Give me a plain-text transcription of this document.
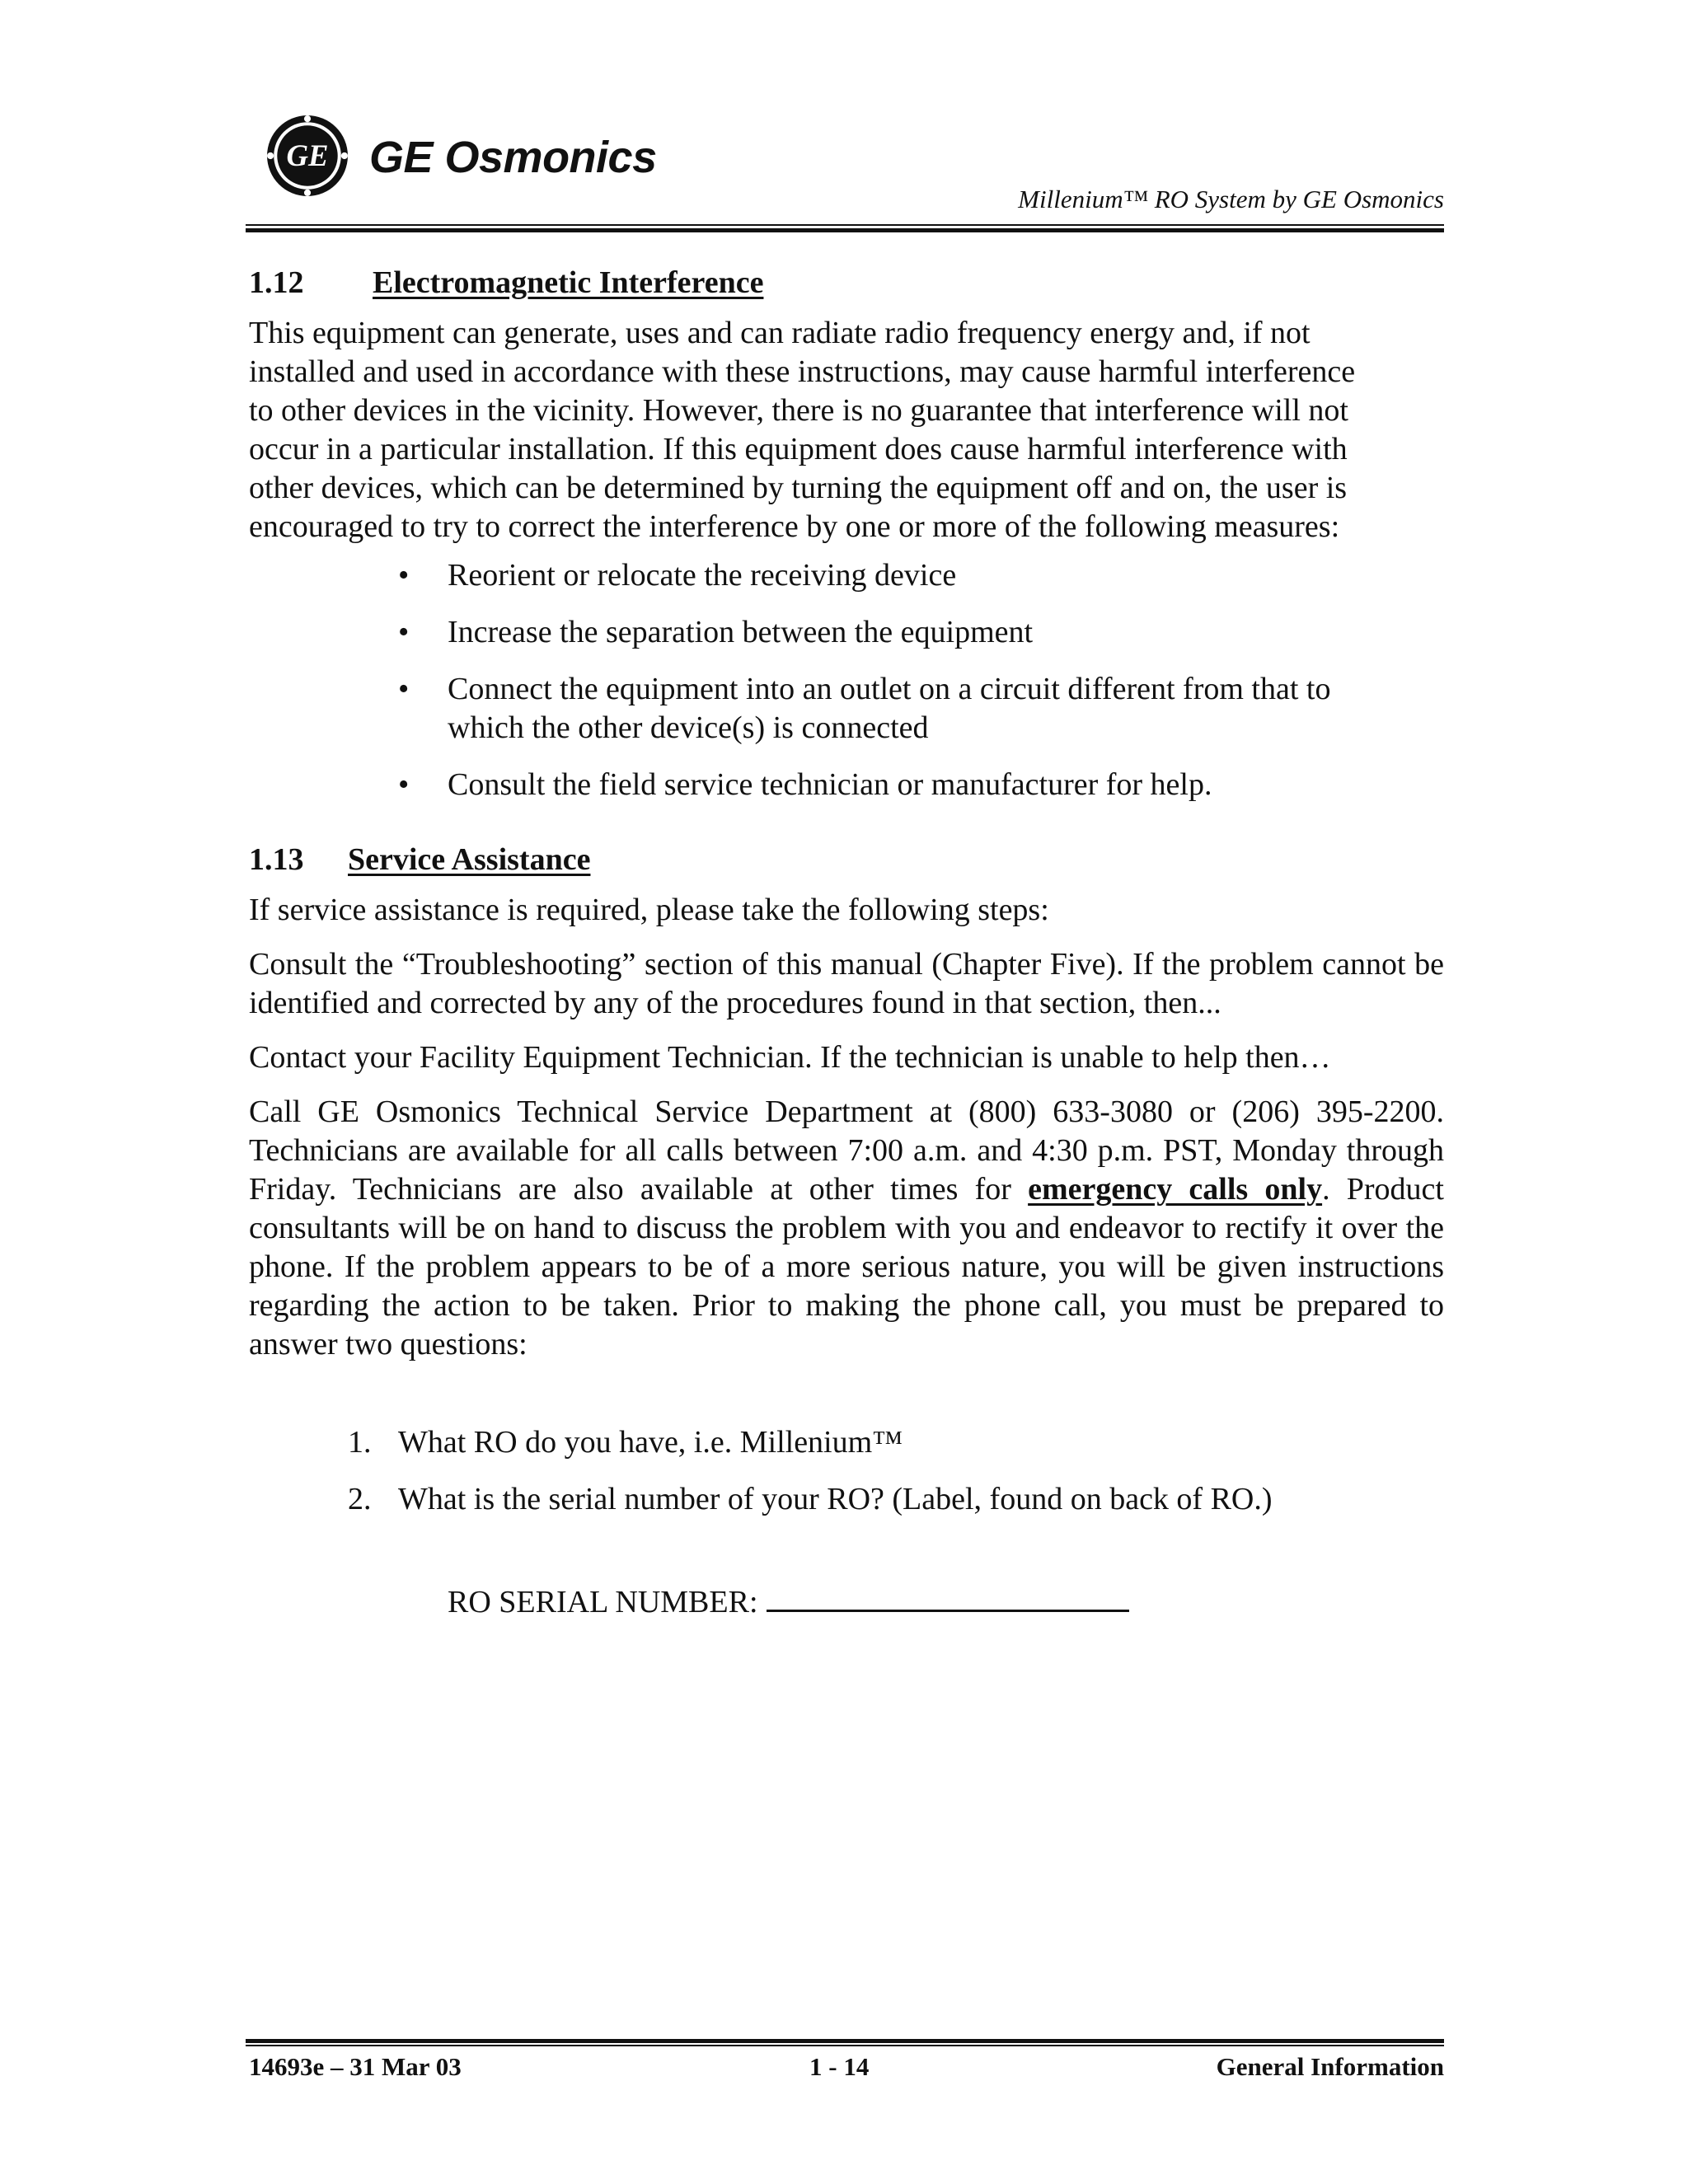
GE GE Osmonics
Millenium™ RO System by GE Osmonics
1.12 Electromagnetic Interference

This equipment can generate, uses and can radiate radio frequency energy and, if not
installed and used in accordance with these instructions, may cause harmful interference
to other devices in the vicinity. However, there is no guarantee that interference will not
occur in a particular installation. If this equipment does cause harmful interference with
other devices, which can be determined by turning the equipment off and on, the user is
encouraged to try to correct the interference by one or more of the following measures:

• Reorient or relocate the receiving device
• Increase the separation between the equipment
• Connect the equipment into an outlet on a circuit different from that to which the other device(s) is connected
• Consult the field service technician or manufacturer for help.
1.13 Service Assistance

If service assistance is required, please take the following steps:

Consult the “Troubleshooting” section of this manual (Chapter Five). If the problem cannot be identified and corrected by any of the procedures found in that section, then...

Contact your Facility Equipment Technician. If the technician is unable to help then…

Call GE Osmonics Technical Service Department at (800) 633-3080 or (206) 395-2200. Technicians are available for all calls between 7:00 a.m. and 4:30 p.m. PST, Monday through Friday. Technicians are also available at other times for emergency calls only. Product consultants will be on hand to discuss the problem with you and endeavor to rectify it over the phone. If the problem appears to be of a more serious nature, you will be given instructions regarding the action to be taken. Prior to making the phone call, you must be prepared to answer two questions:

1. What RO do you have, i.e. Millenium™
2. What is the serial number of your RO? (Label, found on back of RO.)
RO SERIAL NUMBER:
14693e – 31 Mar 03	1 - 14	General Information
